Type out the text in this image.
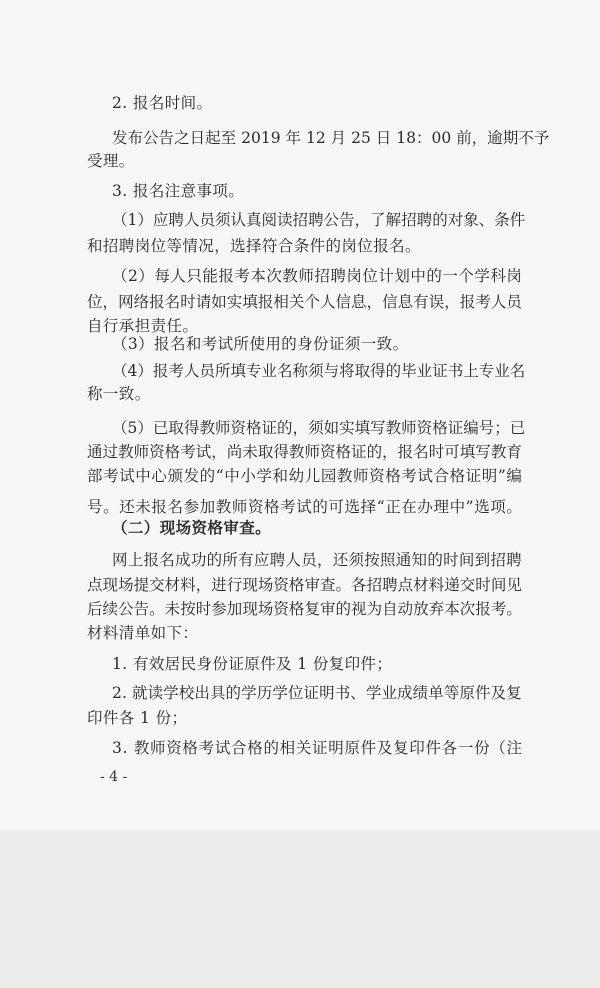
2. 报名时间。
发 布 公 告 之 日 起 至
2 0 1 9
年
1 2
月
2 5
日
1 8 ： 0 0
前 ， 逾 期 不 予
受理。
3. 报名注意事项。
（ 1 ） 应 聘 人 员 须 认 真 阅 读 招 聘 公 告 ， 了 解 招 聘 的 对 象 、 条 件
和招聘岗位等情况，选择符合条件的岗位报名。
（ 2 ） 每 人 只 能 报 考 本 次 教 师 招 聘 岗 位 计 划 中 的 一 个 学 科 岗
位 ， 网 络 报 名 时 请 如 实 填 报 相 关 个 人 信 息 ， 信 息 有 误 ， 报 考 人 员
自行承担责任。
（3）报名和考试所使用的身份证须一致。
（ 4 ） 报 考 人 员 所 填 专 业 名 称 须 与 将 取 得 的 毕 业 证 书 上 专 业 名
称一致。
（ 5 ） 已 取 得 教 师 资 格 证 的 ， 须 如 实 填 写 教 师 资 格 证 编 号 ； 已
通 过 教 师 资 格 考 试 ， 尚 未 取 得 教 师 资 格 证 的 ， 报 名 时 可 填 写 教 育
部 考 试 中 心 颁 发 的 “ 中 小 学 和 幼 儿 园 教 师 资 格 考 试 合 格 证 明 ” 编
号 。 还 未 报 名 参 加 教 师 资 格 考 试 的 可 选 择 “ 正 在 办 理 中 ” 选 项 。
（二）现场资格审查。
网 上 报 名 成 功 的 所 有 应 聘 人 员 ， 还 须 按 照 通 知 的 时 间 到 招 聘
点 现 场 提 交 材 料 ， 进 行 现 场 资 格 审 查 。 各 招 聘 点 材 料 递 交 时 间 见
后 续 公 告 。 未 按 时 参 加 现 场 资 格 复 审 的 视 为 自 动 放 弃 本 次 报 考 。
材料清单如下：
1. 有效居民身份证原件及 1 份复印件；
2 .
就 读 学 校 出 具 的 学 历 学 位 证 明 书 、 学 业 成 绩 单 等 原 件 及 复
印件各 1 份；
3 .
教 师 资 格 考 试 合 格 的 相 关 证 明 原 件 及 复 印 件 各 一 份 （ 注
- 4 -
